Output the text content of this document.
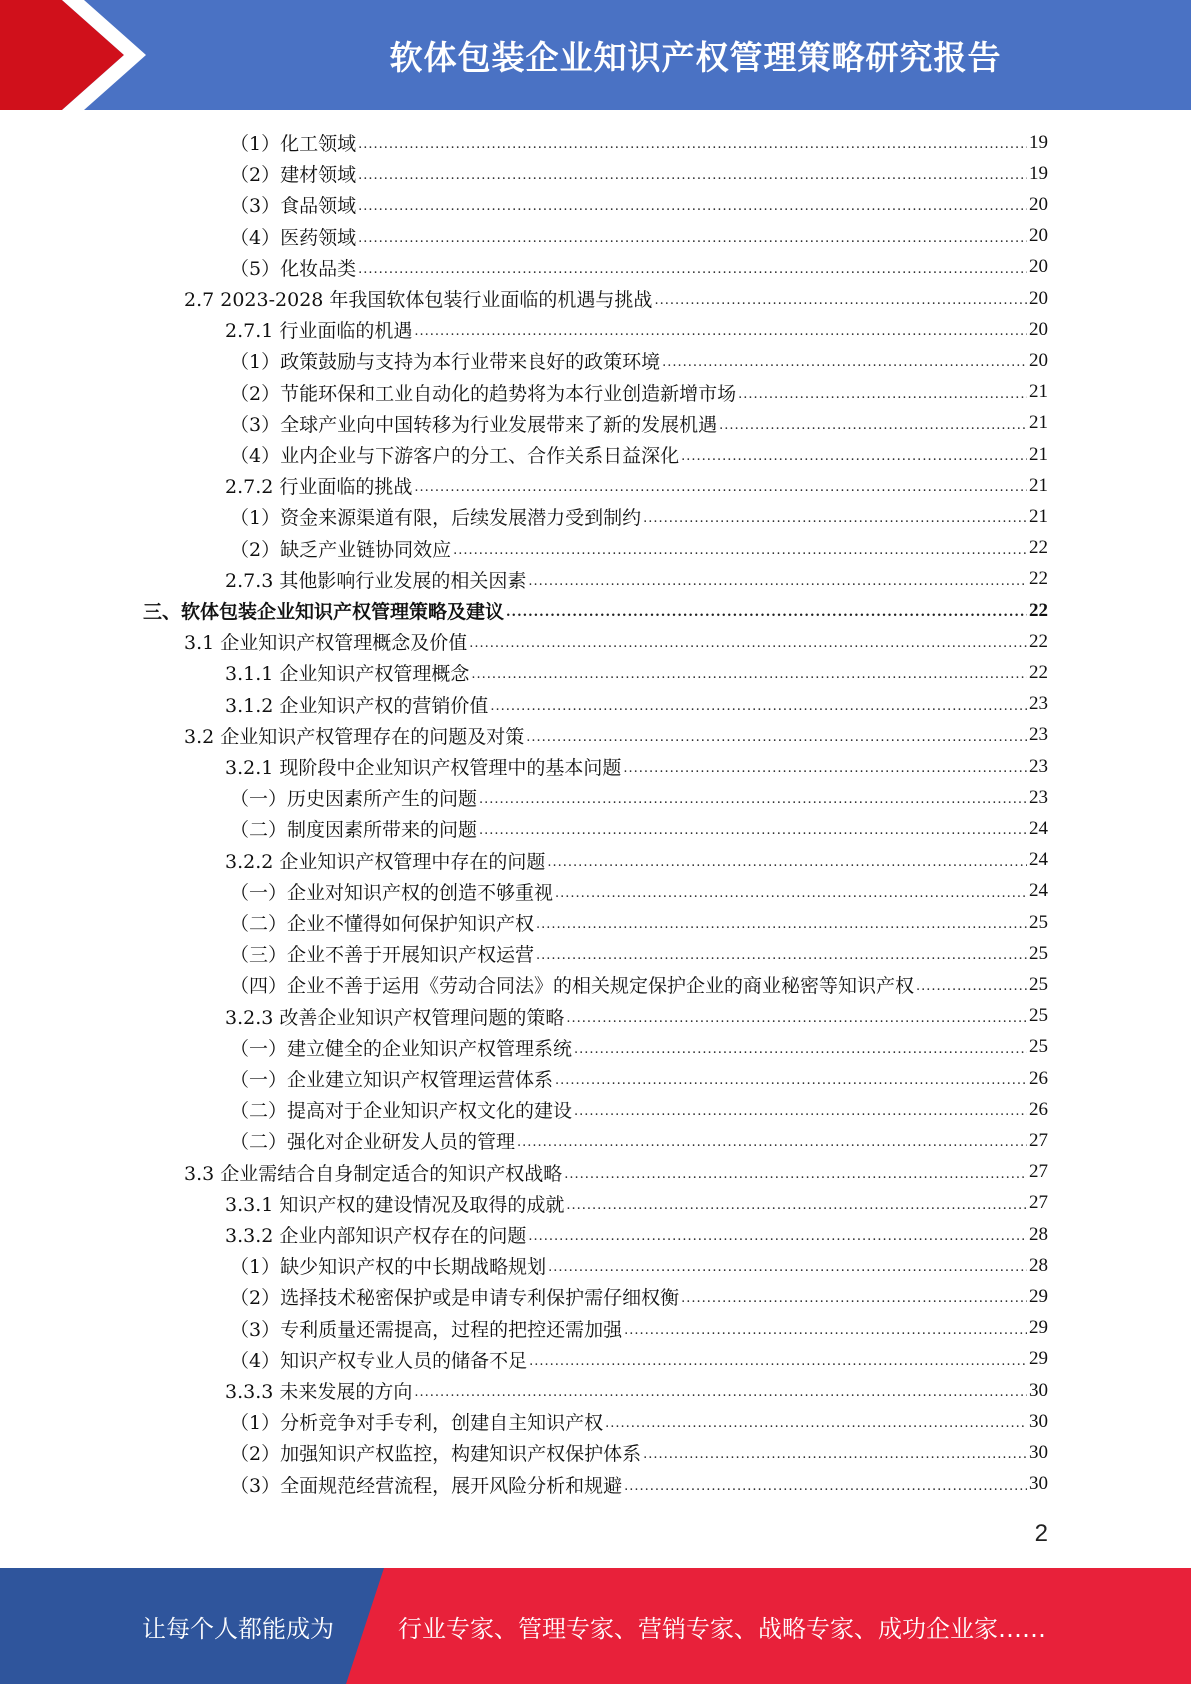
软体包装企业知识产权管理策略研究报告
（1）化工领域 .....	19
（2）建材领域 .....	19
（3）食品领域 .....	20
（4）医药领域 .....	20
（5）化妆品类 .....	20
2.7 2023-2028 年我国软体包装行业面临的机遇与挑战 .....	20
2.7.1 行业面临的机遇 .....	20
（1）政策鼓励与支持为本行业带来良好的政策环境 .....	20
（2）节能环保和工业自动化的趋势将为本行业创造新增市场 .....	21
（3）全球产业向中国转移为行业发展带来了新的发展机遇 .....	21
（4）业内企业与下游客户的分工、合作关系日益深化 .....	21
2.7.2 行业面临的挑战 .....	21
（1）资金来源渠道有限，后续发展潜力受到制约 .....	21
（2）缺乏产业链协同效应 .....	22
2.7.3 其他影响行业发展的相关因素 .....	22
三、软体包装企业知识产权管理策略及建议 .....	22
3.1 企业知识产权管理概念及价值 .....	22
3.1.1 企业知识产权管理概念 .....	22
3.1.2 企业知识产权的营销价值 .....	23
3.2 企业知识产权管理存在的问题及对策 .....	23
3.2.1 现阶段中企业知识产权管理中的基本问题 .....	23
（一）历史因素所产生的问题 .....	23
（二）制度因素所带来的问题 .....	24
3.2.2 企业知识产权管理中存在的问题 .....	24
（一）企业对知识产权的创造不够重视 .....	24
（二）企业不懂得如何保护知识产权 .....	25
（三）企业不善于开展知识产权运营 .....	25
（四）企业不善于运用《劳动合同法》的相关规定保护企业的商业秘密等知识产权 .....	25
3.2.3 改善企业知识产权管理问题的策略 .....	25
（一）建立健全的企业知识产权管理系统 .....	25
（一）企业建立知识产权管理运营体系 .....	26
（二）提高对于企业知识产权文化的建设 .....	26
（二）强化对企业研发人员的管理 .....	27
3.3 企业需结合自身制定适合的知识产权战略 .....	27
3.3.1 知识产权的建设情况及取得的成就 .....	27
3.3.2 企业内部知识产权存在的问题 .....	28
（1）缺少知识产权的中长期战略规划 .....	28
（2）选择技术秘密保护或是申请专利保护需仔细权衡 .....	29
（3）专利质量还需提高，过程的把控还需加强 .....	29
（4）知识产权专业人员的储备不足 .....	29
3.3.3 未来发展的方向 .....	30
（1）分析竞争对手专利，创建自主知识产权 .....	30
（2）加强知识产权监控，构建知识产权保护体系 .....	30
（3）全面规范经营流程，展开风险分析和规避 .....	30
2
让每个人都能成为	行业专家、管理专家、营销专家、战略专家、成功企业家……
